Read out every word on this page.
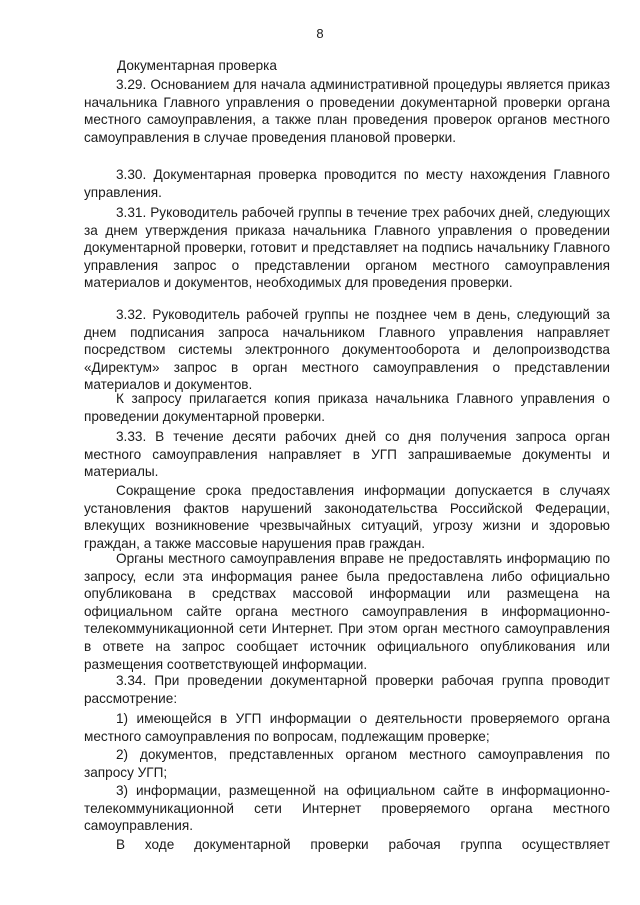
8
Документарная проверка

3.29. Основанием для начала административной процедуры является приказ начальника Главного управления о проведении документарной проверки органа местного самоуправления, а также план проведения проверок органов местного самоуправления в случае проведения плановой проверки.

3.30. Документарная проверка проводится по месту нахождения Главного управления.

3.31. Руководитель рабочей группы в течение трех рабочих дней, следующих за днем утверждения приказа начальника Главного управления о проведении документарной проверки, готовит и представляет на подпись начальнику Главного управления запрос о представлении органом местного самоуправления материалов и документов, необходимых для проведения проверки.

3.32. Руководитель рабочей группы не позднее чем в день, следующий за днем подписания запроса начальником Главного управления направляет посредством системы электронного документооборота и делопроизводства «Директум» запрос в орган местного самоуправления о представлении материалов и документов.

К запросу прилагается копия приказа начальника Главного управления о проведении документарной проверки.

3.33. В течение десяти рабочих дней со дня получения запроса орган местного самоуправления направляет в УГП запрашиваемые документы и материалы.

Сокращение срока предоставления информации допускается в случаях установления фактов нарушений законодательства Российской Федерации, влекущих возникновение чрезвычайных ситуаций, угрозу жизни и здоровью граждан, а также массовые нарушения прав граждан.

Органы местного самоуправления вправе не предоставлять информацию по запросу, если эта информация ранее была предоставлена либо официально опубликована в средствах массовой информации или размещена на официальном сайте органа местного самоуправления в информационно-телекоммуникационной сети Интернет. При этом орган местного самоуправления в ответе на запрос сообщает источник официального опубликования или размещения соответствующей информации.

3.34. При проведении документарной проверки рабочая группа проводит рассмотрение:

1) имеющейся в УГП информации о деятельности проверяемого органа местного самоуправления по вопросам, подлежащим проверке;

2) документов, представленных органом местного самоуправления по запросу УГП;

3) информации, размещенной на официальном сайте в информационно-телекоммуникационной сети Интернет проверяемого органа местного самоуправления.

В ходе документарной проверки рабочая группа осуществляет
